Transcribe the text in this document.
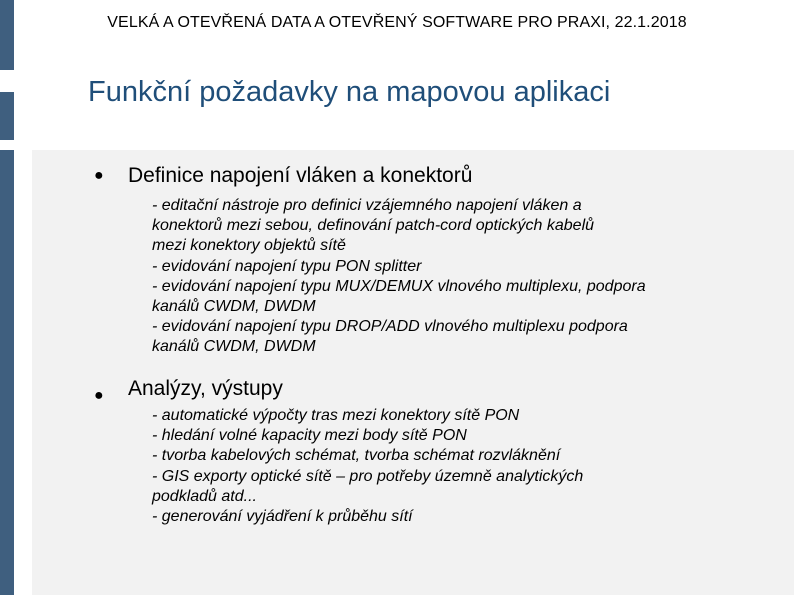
VELKÁ A OTEVŘENÁ DATA A OTEVŘENÝ SOFTWARE PRO PRAXI, 22.1.2018
Funkční požadavky na mapovou aplikaci
● Definice napojení vláken a konektorů
- editační nástroje pro definici vzájemného napojení vláken a
konektorů mezi sebou, definování patch-cord optických kabelů
mezi konektory objektů sítě
- evidování napojení typu PON splitter
- evidování napojení typu MUX/DEMUX vlnového multiplexu, podpora
kanálů CWDM, DWDM
- evidování napojení typu DROP/ADD vlnového multiplexu podpora
kanálů CWDM, DWDM
● Analýzy, výstupy
- automatické výpočty tras mezi konektory sítě PON
- hledání volné kapacity mezi body sítě PON
- tvorba kabelových schémat, tvorba schémat rozvláknění
- GIS exporty optické sítě – pro potřeby územně analytických
podkladů atd...
- generování vyjádření k průběhu sítí
